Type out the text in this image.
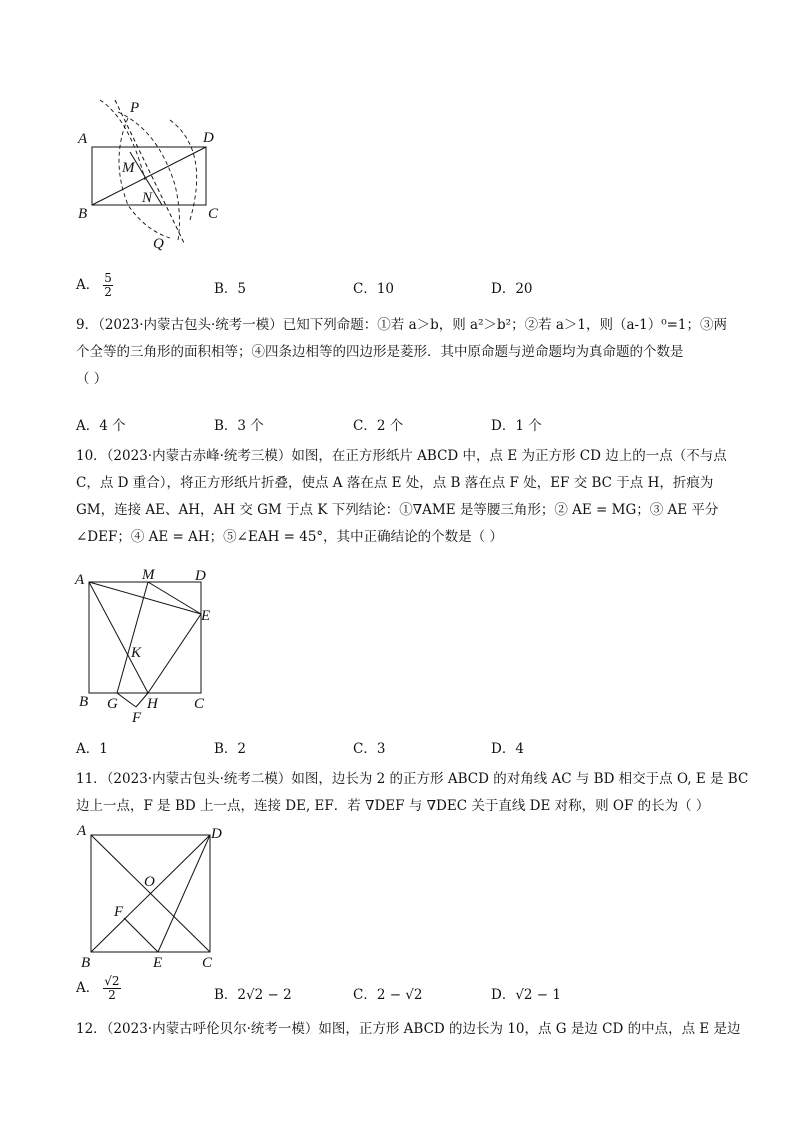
P
A	D
M
N
B	C
Q
A． $\frac{5}{2}$	B．5	C．10	D．20
9．（2023·内蒙古包头·统考一模）已知下列命题：①若 a＞b，则 a²＞b²；②若 a＞1，则（a-1）⁰=1；③两
个全等的三角形的面积相等；④四条边相等的四边形是菱形．其中原命题与逆命题均为真命题的个数是
（ ）
A．4 个	B．3 个	C．2 个	D．1 个
10．（2023·内蒙古赤峰·统考三模）如图，在正方形纸片 ABCD 中，点 E 为正方形 CD 边上的一点（不与点
C，点 D 重合），将正方形纸片折叠，使点 A 落在点 E 处，点 B 落在点 F 处，EF 交 BC 于点 H，折痕为
GM，连接 AE、AH，AH 交 GM 于点 K 下列结论：①∇AME 是等腰三角形；② AE = MG；③ AE 平分
∠DEF；④ AE = AH；⑤∠EAH = 45°，其中正确结论的个数是（ ）
A	M	D
E
K
B G H C
F
A．1	B．2	C．3	D．4
11．（2023·内蒙古包头·统考二模）如图，边长为 2 的正方形 ABCD 的对角线 AC 与 BD 相交于点 O, E 是 BC
边上一点，F 是 BD 上一点，连接 DE, EF．若 ∇DEF 与 ∇DEC 关于直线 DE 对称，则 OF 的长为（ ）
A	D
O
F
B	E	C
A． $\frac{√2}{2}$	B．2√2 − 2	C．2 − √2	D．√2 − 1
12．（2023·内蒙古呼伦贝尔·统考一模）如图，正方形 ABCD 的边长为 10，点 G 是边 CD 的中点，点 E 是边
